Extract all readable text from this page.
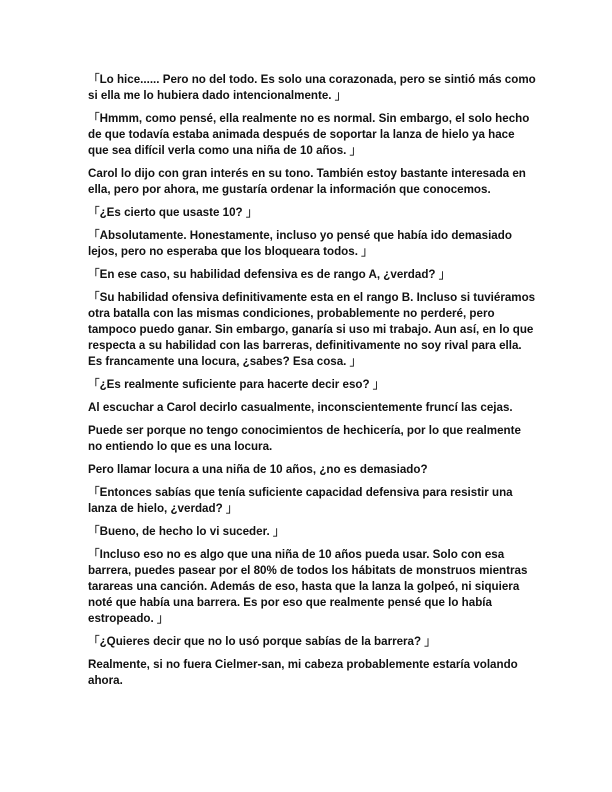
「Lo hice...... Pero no del todo. Es solo una corazonada, pero se sintió más como si ella me lo hubiera dado intencionalmente. 」

「Hmmm, como pensé, ella realmente no es normal. Sin embargo, el solo hecho de que todavía estaba animada después de soportar la lanza de hielo ya hace que sea difícil verla como una niña de 10 años. 」

Carol lo dijo con gran interés en su tono. También estoy bastante interesada en ella, pero por ahora, me gustaría ordenar la información que conocemos.

「¿Es cierto que usaste 10? 」

「Absolutamente. Honestamente, incluso yo pensé que había ido demasiado lejos, pero no esperaba que los bloqueara todos. 」

「En ese caso, su habilidad defensiva es de rango A, ¿verdad? 」

「Su habilidad ofensiva definitivamente esta en el rango B. Incluso si tuviéramos otra batalla con las mismas condiciones, probablemente no perderé, pero tampoco puedo ganar. Sin embargo, ganaría si uso mi trabajo. Aun así, en lo que respecta a su habilidad con las barreras, definitivamente no soy rival para ella. Es francamente una locura, ¿sabes? Esa cosa. 」

「¿Es realmente suficiente para hacerte decir eso? 」

Al escuchar a Carol decirlo casualmente, inconscientemente fruncí las cejas.

Puede ser porque no tengo conocimientos de hechicería, por lo que realmente no entiendo lo que es una locura.

Pero llamar locura a una niña de 10 años, ¿no es demasiado?

「Entonces sabías que tenía suficiente capacidad defensiva para resistir una lanza de hielo, ¿verdad? 」

「Bueno, de hecho lo vi suceder. 」

「Incluso eso no es algo que una niña de 10 años pueda usar. Solo con esa barrera, puedes pasear por el 80% de todos los hábitats de monstruos mientras tarareas una canción. Además de eso, hasta que la lanza la golpeó, ni siquiera noté que había una barrera. Es por eso que realmente pensé que lo había estropeado. 」

「¿Quieres decir que no lo usó porque sabías de la barrera? 」

Realmente, si no fuera Cielmer-san, mi cabeza probablemente estaría volando ahora.
